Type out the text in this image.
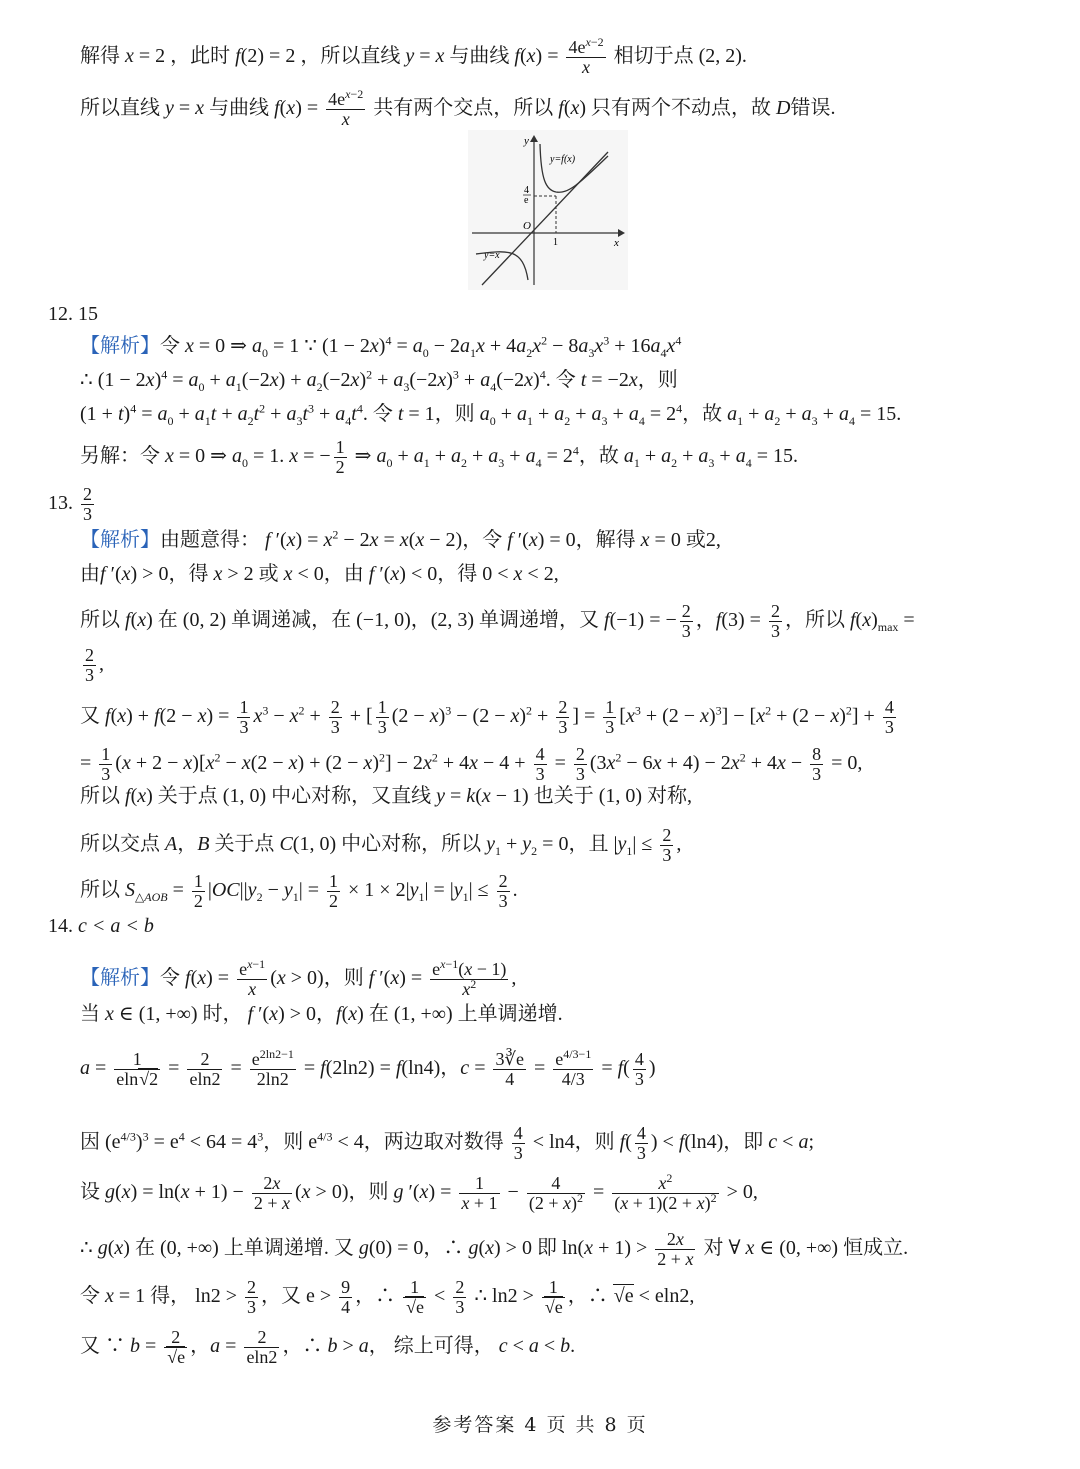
解得 x = 2 ，此时 f(2) = 2 ，所以直线 y = x 与曲线 $f(x) = \frac{4e^{x-2}}{x}$ 相切于点 (2, 2).
所以直线 y = x 与曲线 $f(x) = \frac{4e^{x-2}}{x}$ 共有两个交点，所以 f(x) 只有两个不动点，故 D错误.
y
x
O
y=f(x)
y=x
4
e
1
12. 15
【解析】令 x = 0 ⇒ $a_0 = 1$ ∵ $(1 - 2x)^4 = a_0 - 2a_1x + 4a_2x^2 - 8a_3x^3 + 16a_4x^4$
∴ $(1 - 2x)^4 = a_0 + a_1(-2x) + a_2(-2x)^2 + a_3(-2x)^3 + a_4(-2x)^4$. 令 t = −2x，则
$(1 + t)^4 = a_0 + a_1t + a_2t^2 + a_3t^3 + a_4t^4$. 令 t = 1，则 $a_0 + a_1 + a_2 + a_3 + a_4 = 2^4$，故 $a_1 + a_2 + a_3 + a_4 = 15$.
另解：令 x = 0 ⇒ $a_0 = 1$. x = − $\frac{1}{2}$ ⇒ $a_0 + a_1 + a_2 + a_3 + a_4 = 2^4$，故 $a_1 + a_2 + a_3 + a_4 = 15$.
13. $\frac{2}{3}$
【解析】由题意得： f $'(x) = x^2 - 2x = x(x - 2)$，令 f ′(x) = 0，解得 x = 0 或2,
由f ′(x) > 0，得 x > 2 或 x < 0，由 f ′(x) < 0，得 0 < x < 2,
所以 f(x) 在 (0, 2) 单调递减，在 (−1, 0)，(2, 3) 单调递增，又 f(−1) = − $\frac{2}{3}$ ，$f(3) = \frac{2}{3}$ ，所以 $f(x)_{max}$ =
$\frac{2}{3}$ ,
又 $f(x) + f(2 - x) = \frac{1}{3} x^3 - x^2 + \frac{2}{3}$ + [ $\frac{1}{3} (2 - x)^3 - (2 - x)^2 + \frac{2}{3}$ ] = $\frac{1}{3} [x^3 + (2 - x)^3] - [x^2 + (2 - x)^2] + \frac{4}{3}$
= $\frac{1}{3} (x + 2 - x)[x^2 - x(2 - x) + (2 - x)^2] - 2x^2 + 4x - 4 + \frac{4}{3} = \frac{2}{3} (3x^2 - 6x + 4) - 2x^2 + 4x - \frac{8}{3} = 0$,
所以 f(x) 关于点 (1, 0) 中心对称，又直线 y = k(x − 1) 也关于 (1, 0) 对称,
所以交点 A，B 关于点 C(1, 0) 中心对称，所以 $y_1 + y_2 = 0$，且 $|y_1| \le \frac{2}{3}$ ,
所以 $S_{\triangle AOB} = \frac{1}{2} |OC||y_2 - y_1| = \frac{1}{2} \times 1 \times 2|y_1| = |y_1| \le \frac{2}{3}$ .
14. c < a < b
【解析】令 $f(x) = \frac{e^{x-1}}{x} (x > 0)$，则 f $'(x) = \frac{e^{x-1}(x - 1)}{x^2}$ ,
当 x ∈ (1, +∞) 时， f ′(x) > 0，f(x) 在 (1, +∞) 上单调递增.
$a = \frac{1}{eln√2} = \frac{2}{eln2} = \frac{e^{2ln2-1}}{2\ln 2} = f(2\ln 2) = f(\ln 4)$，$c = \frac{3∛e}{4} = \frac{e^{4/3-1}}{4/3} = f( \frac{4}{3}$ )
因 $(e^{4/3})^3 = e^4 < 64 = 4^3$，则 $e^{4/3} < 4$，两边取对数得 $\frac{4}{3} < \ln 4$，则 $f( \frac{4}{3}$ ) < f(ln4)，即 c < a;
设 $g(x) = \ln(x + 1) - \frac{2x}{2 + x} (x > 0)$，则 g $'(x) = \frac{1}{x + 1} - \frac{4}{(2 + x)^2} = \frac{x^2}{(x + 1)(2 + x)^2} > 0$,
∴ g(x) 在 (0, +∞) 上单调递增. 又 g(0) = 0，∴ g(x) > 0 即 $\ln(x + 1) > \frac{2x}{2 + x}$ 对 ∀ x ∈ (0, +∞) 恒成立.
令 x = 1 得， $\ln 2 > \frac{2}{3}$ ，又 $e > \frac{9}{4}$ ，∴ $\frac{1}{√e} < \frac{2}{3}$ ∴ $\ln 2 > \frac{1}{√e}$ ，∴ √e < eln2,
又 ∵ $b = \frac{2}{√e}$ ，$a = \frac{2}{eln2}$ ，∴ b > a， 综上可得， c < a < b.
参考答案 4 页 共 8 页
